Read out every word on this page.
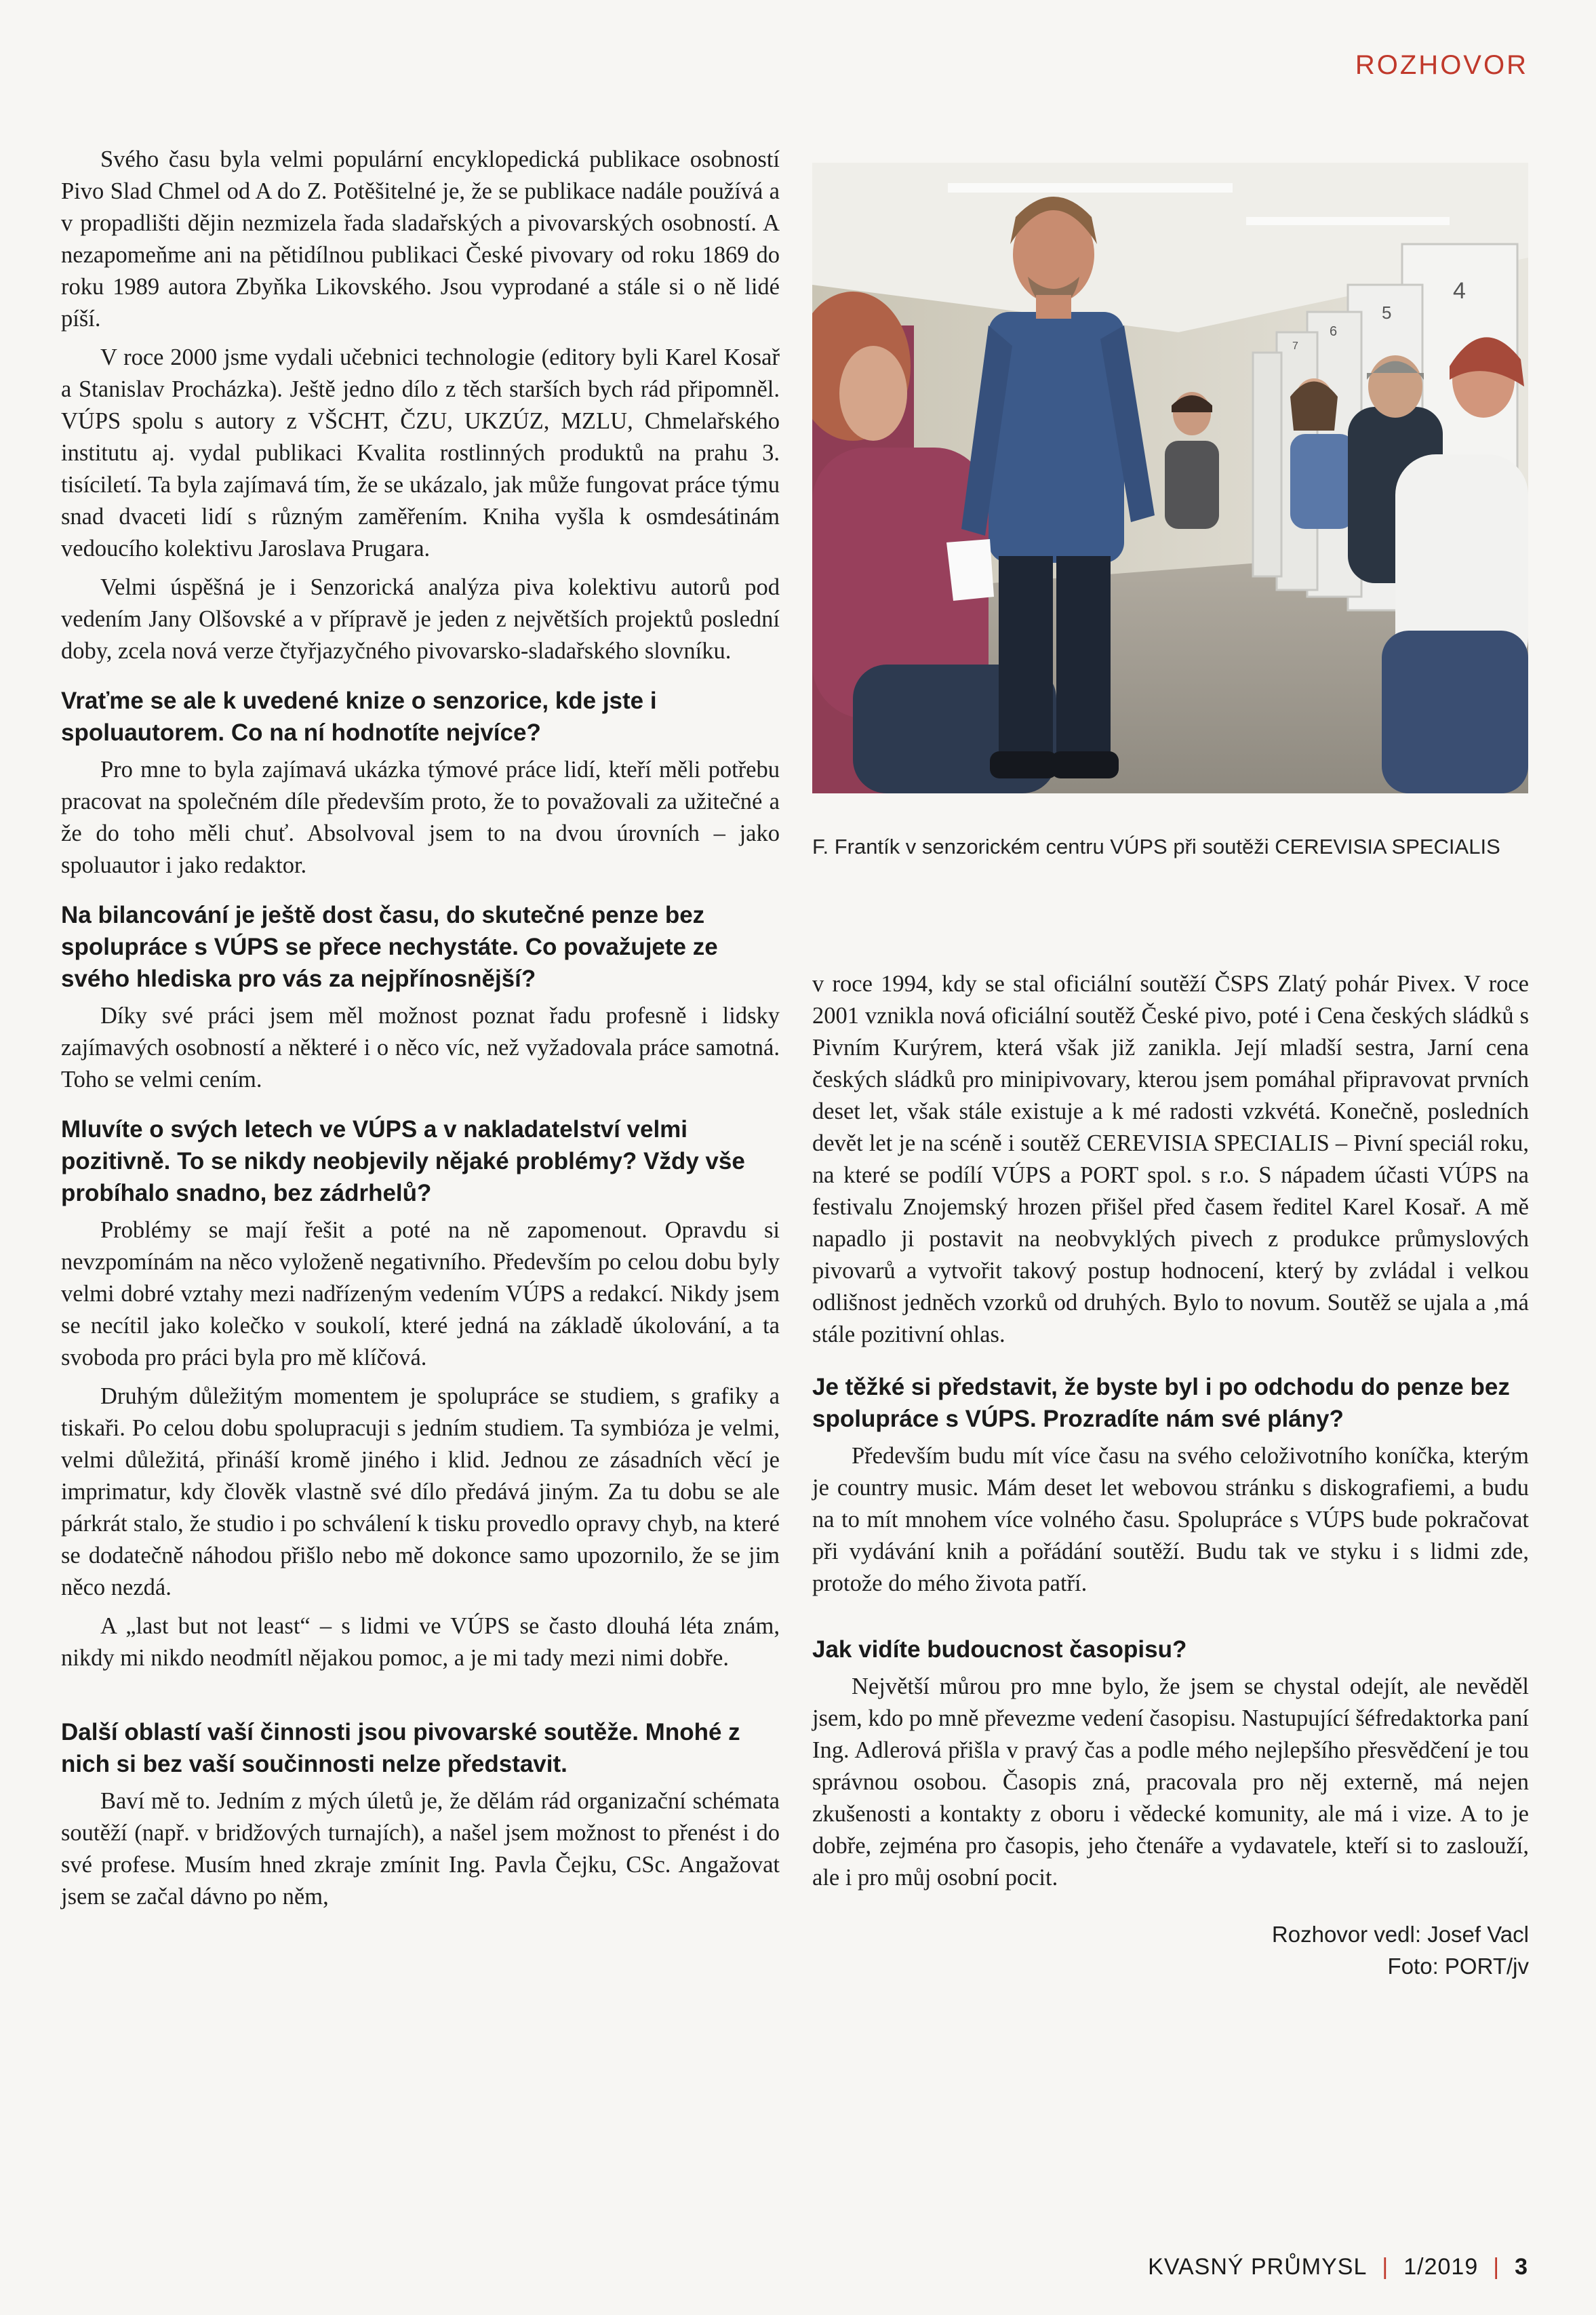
ROZHOVOR

Svého času byla velmi populární encyklopedická publikace osobností Pivo Slad Chmel od A do Z. Potěšitelné je, že se publikace nadále používá a v propadlišti dějin nezmizela řada sladařských a pivovarských osobností. A nezapomeňme ani na pětidílnou publikaci České pivovary od roku 1869 do roku 1989 autora Zbyňka Likovského. Jsou vyprodané a stále si o ně lidé píší.

V roce 2000 jsme vydali učebnici technologie (editory byli Karel Kosař a Stanislav Procházka). Ještě jedno dílo z těch starších bych rád připomněl. VÚPS spolu s autory z VŠCHT, ČZU, UKZÚZ, MZLU, Chmelařského institutu aj. vydal publikaci Kvalita rostlinných produktů na prahu 3. tisíciletí. Ta byla zajímavá tím, že se ukázalo, jak může fungovat práce týmu snad dvaceti lidí s různým zaměřením. Kniha vyšla k osmdesátinám vedoucího kolektivu Jaroslava Prugara.

Velmi úspěšná je i Senzorická analýza piva kolektivu autorů pod vedením Jany Olšovské a v přípravě je jeden z největších projektů poslední doby, zcela nová verze čtyřjazyčného pivovarsko-sladařského slovníku.

Vraťme se ale k uvedené knize o senzorice, kde jste i spoluautorem. Co na ní hodnotíte nejvíce?

Pro mne to byla zajímavá ukázka týmové práce lidí, kteří měli potřebu pracovat na společném díle především proto, že to považovali za užitečné a že do toho měli chuť. Absolvoval jsem to na dvou úrovních – jako spoluautor i jako redaktor.

Na bilancování je ještě dost času, do skutečné penze bez spolupráce s VÚPS se přece nechystáte. Co považujete ze svého hlediska pro vás za nejpřínosnější?

Díky své práci jsem měl možnost poznat řadu profesně i lidsky zajímavých osobností a některé i o něco víc, než vyžadovala práce samotná. Toho se velmi cením.

Mluvíte o svých letech ve VÚPS a v nakladatelství velmi pozitivně. To se nikdy neobjevily nějaké problémy? Vždy vše probíhalo snadno, bez zádrhelů?

Problémy se mají řešit a poté na ně zapomenout. Opravdu si nevzpomínám na něco vyloženě negativního. Především po celou dobu byly velmi dobré vztahy mezi nadřízeným vedením VÚPS a redakcí. Nikdy jsem se necítil jako kolečko v soukolí, které jedná na základě úkolování, a ta svoboda pro práci byla pro mě klíčová.

Druhým důležitým momentem je spolupráce se studiem, s grafiky a tiskaři. Po celou dobu spolupracuji s jedním studiem. Ta symbióza je velmi, velmi důležitá, přináší kromě jiného i klid. Jednou ze zásadních věcí je imprimatur, kdy člověk vlastně své dílo předává jiným. Za tu dobu se ale párkrát stalo, že studio i po schválení k tisku provedlo opravy chyb, na které se dodatečně náhodou přišlo nebo mě dokonce samo upozornilo, že se jim něco nezdá.

A „last but not least“ – s lidmi ve VÚPS se často dlouhá léta znám, nikdy mi nikdo neodmítl nějakou pomoc, a je mi tady mezi nimi dobře.

Další oblastí vaší činnosti jsou pivovarské soutěže. Mnohé z nich si bez vaší součinnosti nelze představit.

Baví mě to. Jedním z mých úletů je, že dělám rád organizační schémata soutěží (např. v bridžových turnajích), a našel jsem možnost to přenést i do své profese. Musím hned zkraje zmínit Ing. Pavla Čejku, CSc. Angažovat jsem se začal dávno po něm,

4
5
6
7
F. Frantík v senzorickém centru VÚPS při soutěži CEREVISIA SPECIALIS

v roce 1994, kdy se stal oficiální soutěží ČSPS Zlatý pohár Pivex. V roce 2001 vznikla nová oficiální soutěž České pivo, poté i Cena českých sládků s Pivním Kurýrem, která však již zanikla. Její mladší sestra, Jarní cena českých sládků pro minipivovary, kterou jsem pomáhal připravovat prvních deset let, však stále existuje a k mé radosti vzkvétá. Konečně, posledních devět let je na scéně i soutěž CEREVISIA SPECIALIS – Pivní speciál roku, na které se podílí VÚPS a PORT spol. s r.o. S nápadem účasti VÚPS na festivalu Znojemský hrozen přišel před časem ředitel Karel Kosař. A mě napadlo ji postavit na neobvyklých pivech z produkce průmyslových pivovarů a vytvořit takový postup hodnocení, který by zvládal i velkou odlišnost jedněch vzorků od druhých. Bylo to novum. Soutěž se ujala a ‚má stále pozitivní ohlas.

Je těžké si představit, že byste byl i po odchodu do penze bez spolupráce s VÚPS. Prozradíte nám své plány?

Především budu mít více času na svého celoživotního koníčka, kterým je country music. Mám deset let webovou stránku s diskografiemi, a budu na to mít mnohem více volného času. Spolupráce s VÚPS bude pokračovat při vydávání knih a pořádání soutěží. Budu tak ve styku i s lidmi zde, protože do mého života patří.

Jak vidíte budoucnost časopisu?

Největší můrou pro mne bylo, že jsem se chystal odejít, ale nevěděl jsem, kdo po mně převezme vedení časopisu. Nastupující šéfredaktorka paní Ing. Adlerová přišla v pravý čas a podle mého nejlepšího přesvědčení je tou správnou osobou. Časopis zná, pracovala pro něj externě, má nejen zkušenosti a kontakty z oboru i vědecké komunity, ale má i vize. A to je dobře, zejména pro časopis, jeho čtenáře a vydavatele, kteří si to zaslouží, ale i pro můj osobní pocit.

Rozhovor vedl: Josef Vacl
Foto: PORT/jv
KVASNÝ PRŮMYSL | 1/2019 | 3
